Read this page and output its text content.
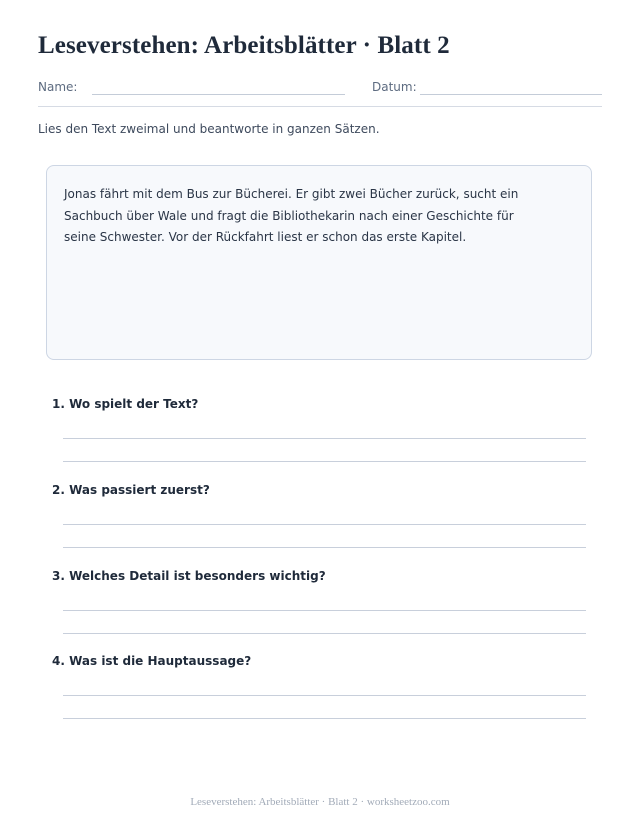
Leseverstehen: Arbeitsblätter · Blatt 2
Name:	Datum:
Lies den Text zweimal und beantworte in ganzen Sätzen.

Jonas fährt mit dem Bus zur Bücherei. Er gibt zwei Bücher zurück, sucht ein Sachbuch über Wale und fragt die Bibliothekarin nach einer Geschichte für seine Schwester. Vor der Rückfahrt liest er schon das erste Kapitel.

1. Wo spielt der Text?
2. Was passiert zuerst?
3. Welches Detail ist besonders wichtig?
4. Was ist die Hauptaussage?
Leseverstehen: Arbeitsblätter · Blatt 2 · worksheetzoo.com
